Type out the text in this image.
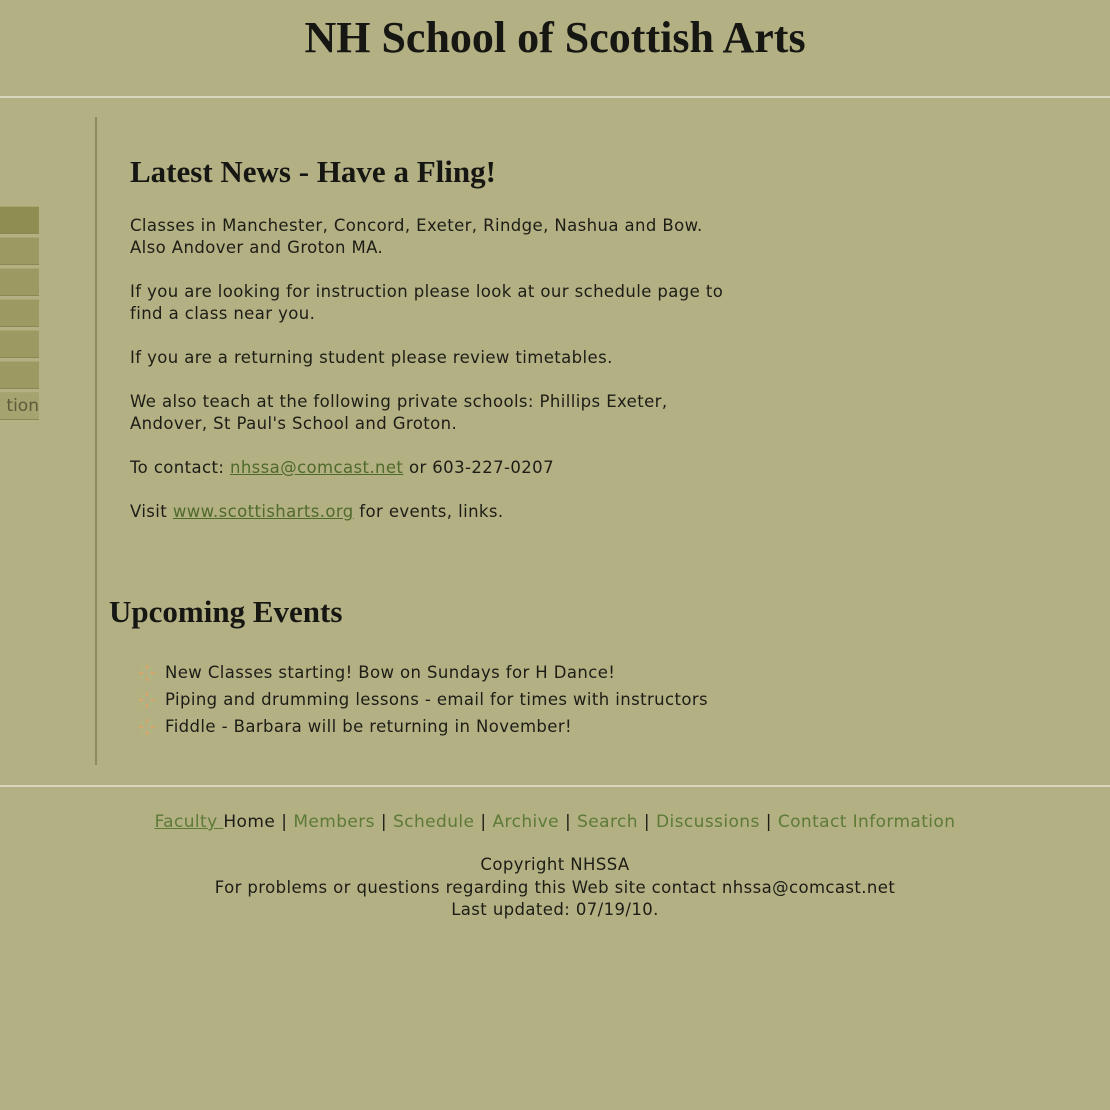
NH School of Scottish Arts
tion
Latest News - Have a Fling!

Classes in Manchester, Concord, Exeter, Rindge, Nashua and Bow.
Also Andover and Groton MA.

If you are looking for instruction please look at our schedule page to
find a class near you.

If you are a returning student please review timetables.

We also teach at the following private schools: Phillips Exeter,
Andover, St Paul's School and Groton.

To contact: nhssa@comcast.net or 603-227-0207

Visit www.scottisharts.org for events, links.

Upcoming Events
New Classes starting! Bow on Sundays for H Dance!
Piping and drumming lessons - email for times with instructors
Fiddle - Barbara will be returning in November!
Faculty Home | Members | Schedule | Archive | Search | Discussions | Contact Information
Copyright NHSSA
For problems or questions regarding this Web site contact nhssa@comcast.net
Last updated: 07/19/10.
